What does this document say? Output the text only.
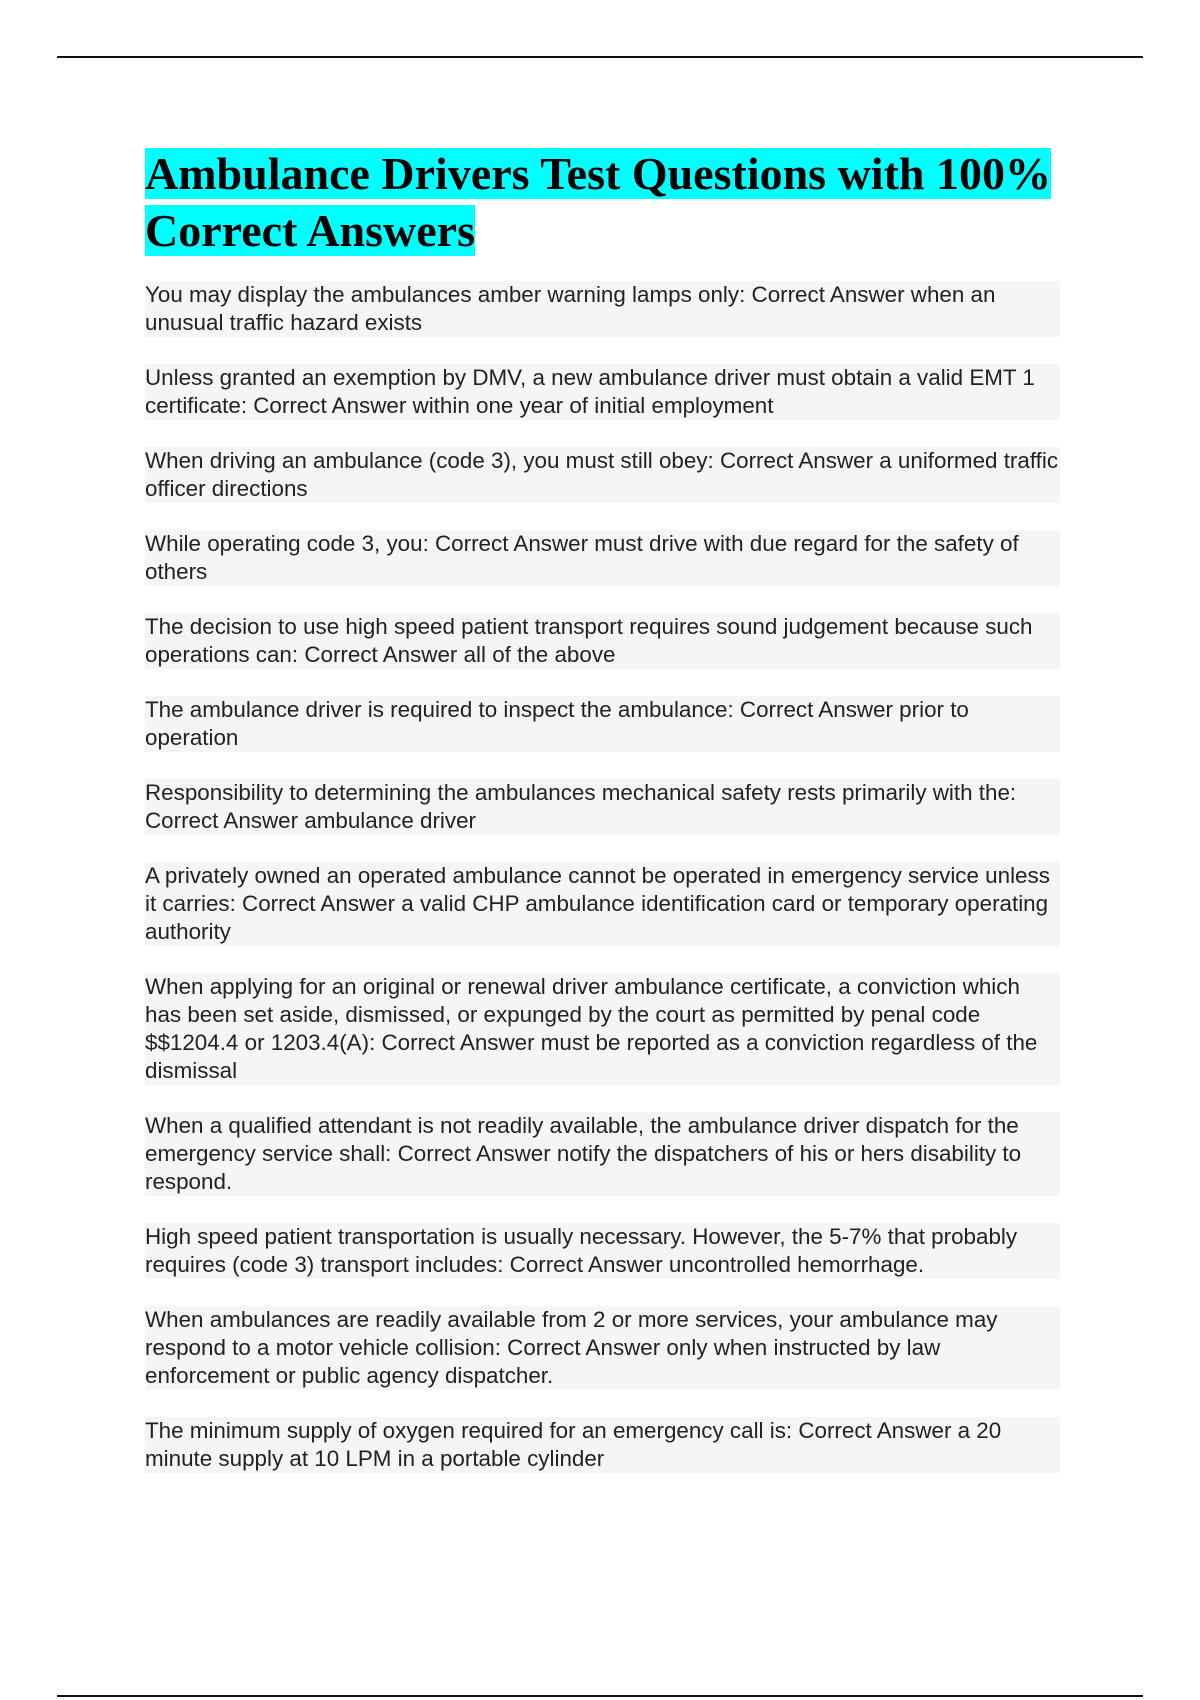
Ambulance Drivers Test Questions with 100% Correct Answers

You may display the ambulances amber warning lamps only: Correct Answer when an unusual traffic hazard exists

Unless granted an exemption by DMV, a new ambulance driver must obtain a valid EMT 1 certificate: Correct Answer within one year of initial employment

When driving an ambulance (code 3), you must still obey: Correct Answer a uniformed traffic officer directions

While operating code 3, you: Correct Answer must drive with due regard for the safety of others

The decision to use high speed patient transport requires sound judgement because such operations can: Correct Answer all of the above

The ambulance driver is required to inspect the ambulance: Correct Answer prior to operation

Responsibility to determining the ambulances mechanical safety rests primarily with the: Correct Answer ambulance driver

A privately owned an operated ambulance cannot be operated in emergency service unless it carries: Correct Answer a valid CHP ambulance identification card or temporary operating authority

When applying for an original or renewal driver ambulance certificate, a conviction which has been set aside, dismissed, or expunged by the court as permitted by penal code $$1204.4 or 1203.4(A): Correct Answer must be reported as a conviction regardless of the dismissal

When a qualified attendant is not readily available, the ambulance driver dispatch for the emergency service shall: Correct Answer notify the dispatchers of his or hers disability to respond.

High speed patient transportation is usually necessary. However, the 5-7% that probably requires (code 3) transport includes: Correct Answer uncontrolled hemorrhage.

When ambulances are readily available from 2 or more services, your ambulance may respond to a motor vehicle collision: Correct Answer only when instructed by law enforcement or public agency dispatcher.

The minimum supply of oxygen required for an emergency call is: Correct Answer a 20 minute supply at 10 LPM in a portable cylinder
